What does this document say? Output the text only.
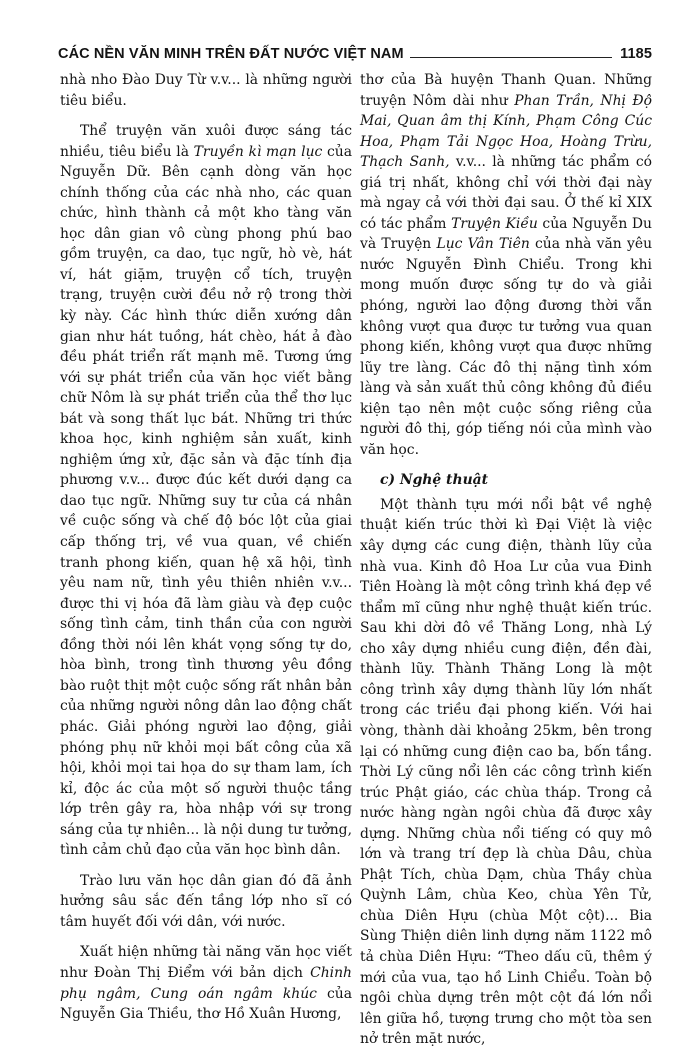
CÁC NỀN VĂN MINH TRÊN ĐẤT NƯỚC VIỆT NAM	1185

nhà nho Đào Duy Từ v.v... là những người tiêu biểu.

Thể truyện văn xuôi được sáng tác nhiều, tiêu biểu là Truyền kì mạn lục của Nguyễn Dữ. Bên cạnh dòng văn học chính thống của các nhà nho, các quan chức, hình thành cả một kho tàng văn học dân gian vô cùng phong phú bao gồm truyện, ca dao, tục ngữ, hò vè, hát ví, hát giặm, truyện cổ tích, truyện trạng, truyện cười đều nở rộ trong thời kỳ này. Các hình thức diễn xướng dân gian như hát tuồng, hát chèo, hát ả đào đều phát triển rất mạnh mẽ. Tương ứng với sự phát triển của văn học viết bằng chữ Nôm là sự phát triển của thể thơ lục bát và song thất lục bát. Những tri thức khoa học, kinh nghiệm sản xuất, kinh nghiệm ứng xử, đặc sản và đặc tính địa phương v.v... được đúc kết dưới dạng ca dao tục ngữ. Những suy tư của cá nhân về cuộc sống và chế độ bóc lột của giai cấp thống trị, về vua quan, về chiến tranh phong kiến, quan hệ xã hội, tình yêu nam nữ, tình yêu thiên nhiên v.v... được thi vị hóa đã làm giàu và đẹp cuộc sống tình cảm, tinh thần của con người đồng thời nói lên khát vọng sống tự do, hòa bình, trong tình thương yêu đồng bào ruột thịt một cuộc sống rất nhân bản của những người nông dân lao động chất phác. Giải phóng người lao động, giải phóng phụ nữ khỏi mọi bất công của xã hội, khỏi mọi tai họa do sự tham lam, ích kỉ, độc ác của một số người thuộc tầng lớp trên gây ra, hòa nhập với sự trong sáng của tự nhiên... là nội dung tư tưởng, tình cảm chủ đạo của văn học bình dân.

Trào lưu văn học dân gian đó đã ảnh hưởng sâu sắc đến tầng lớp nho sĩ có tâm huyết đối với dân, với nước.

Xuất hiện những tài năng văn học viết như Đoàn Thị Điểm với bản dịch Chinh phụ ngâm, Cung oán ngâm khúc của Nguyễn Gia Thiều, thơ Hồ Xuân Hương,

thơ của Bà huyện Thanh Quan. Những truyện Nôm dài như Phan Trần, Nhị Độ Mai, Quan âm thị Kính, Phạm Công Cúc Hoa, Phạm Tải Ngọc Hoa, Hoàng Trừu, Thạch Sanh, v.v... là những tác phẩm có giá trị nhất, không chỉ với thời đại này mà ngay cả với thời đại sau. Ở thế kỉ XIX có tác phẩm Truyện Kiều của Nguyễn Du và Truyện Lục Vân Tiên của nhà văn yêu nước Nguyễn Đình Chiểu. Trong khi mong muốn được sống tự do và giải phóng, người lao động đương thời vẫn không vượt qua được tư tưởng vua quan phong kiến, không vượt qua được những lũy tre làng. Các đô thị nặng tình xóm làng và sản xuất thủ công không đủ điều kiện tạo nên một cuộc sống riêng của người đô thị, góp tiếng nói của mình vào văn học.

c) Nghệ thuật

Một thành tựu mới nổi bật về nghệ thuật kiến trúc thời kì Đại Việt là việc xây dựng các cung điện, thành lũy của nhà vua. Kinh đô Hoa Lư của vua Đinh Tiên Hoàng là một công trình khá đẹp về thẩm mĩ cũng như nghệ thuật kiến trúc. Sau khi dời đô về Thăng Long, nhà Lý cho xây dựng nhiều cung điện, đền đài, thành lũy. Thành Thăng Long là một công trình xây dựng thành lũy lớn nhất trong các triều đại phong kiến. Với hai vòng, thành dài khoảng 25km, bên trong lại có những cung điện cao ba, bốn tầng. Thời Lý cũng nổi lên các công trình kiến trúc Phật giáo, các chùa tháp. Trong cả nước hàng ngàn ngôi chùa đã được xây dựng. Những chùa nổi tiếng có quy mô lớn và trang trí đẹp là chùa Dâu, chùa Phật Tích, chùa Dạm, chùa Thầy chùa Quỳnh Lâm, chùa Keo, chùa Yên Tử, chùa Diên Hựu (chùa Một cột)... Bia Sùng Thiện diên linh dựng năm 1122 mô tả chùa Diên Hựu: “Theo dấu cũ, thêm ý mới của vua, tạo hồ Linh Chiểu. Toàn bộ ngôi chùa dựng trên một cột đá lớn nổi lên giữa hồ, tượng trưng cho một tòa sen nở trên mặt nước,
